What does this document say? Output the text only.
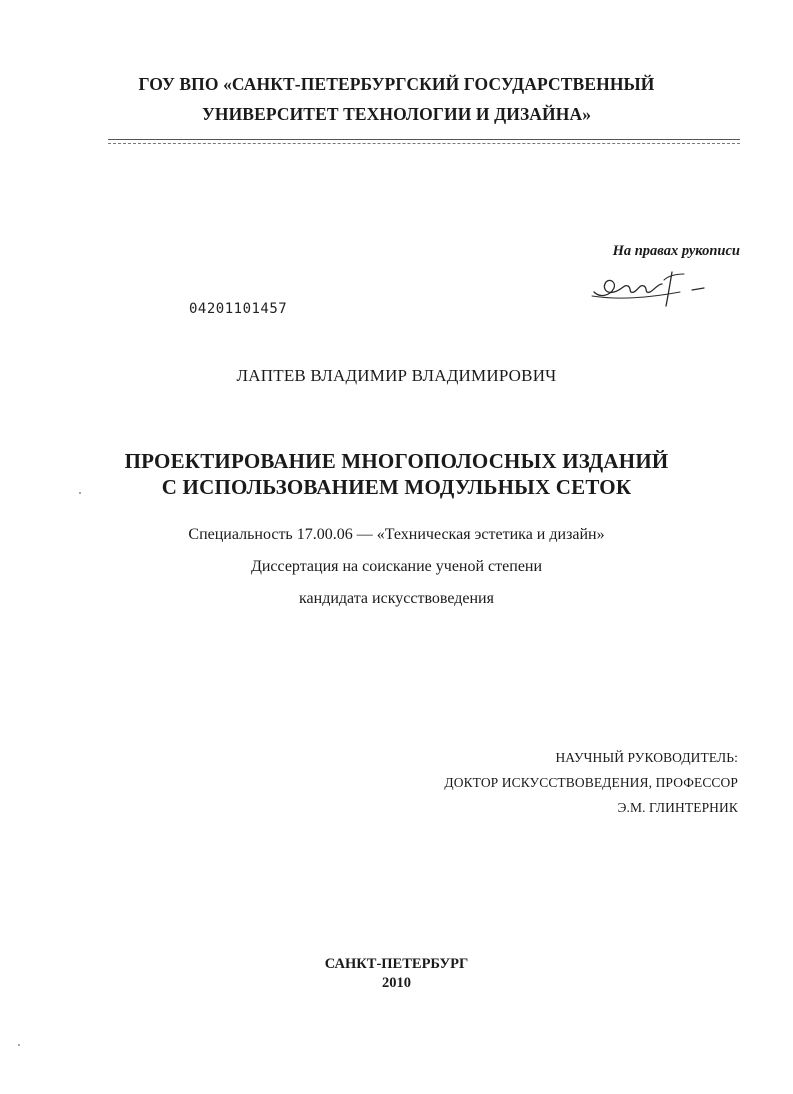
ГОУ ВПО «САНКТ-ПЕТЕРБУРГСКИЙ ГОСУДАРСТВЕННЫЙ
УНИВЕРСИТЕТ ТЕХНОЛОГИИ И ДИЗАЙНА»
На правах рукописи
04201101457
ЛАПТЕВ ВЛАДИМИР ВЛАДИМИРОВИЧ
ПРОЕКТИРОВАНИЕ МНОГОПОЛОСНЫХ ИЗДАНИЙ
С ИСПОЛЬЗОВАНИЕМ МОДУЛЬНЫХ СЕТОК
Специальность 17.00.06 — «Техническая эстетика и дизайн»
Диссертация на соискание ученой степени
кандидата искусствоведения
НАУЧНЫЙ РУКОВОДИТЕЛЬ:
ДОКТОР ИСКУССТВОВЕДЕНИЯ, ПРОФЕССОР
Э.М. ГЛИНТЕРНИК
САНКТ-ПЕТЕРБУРГ
2010
